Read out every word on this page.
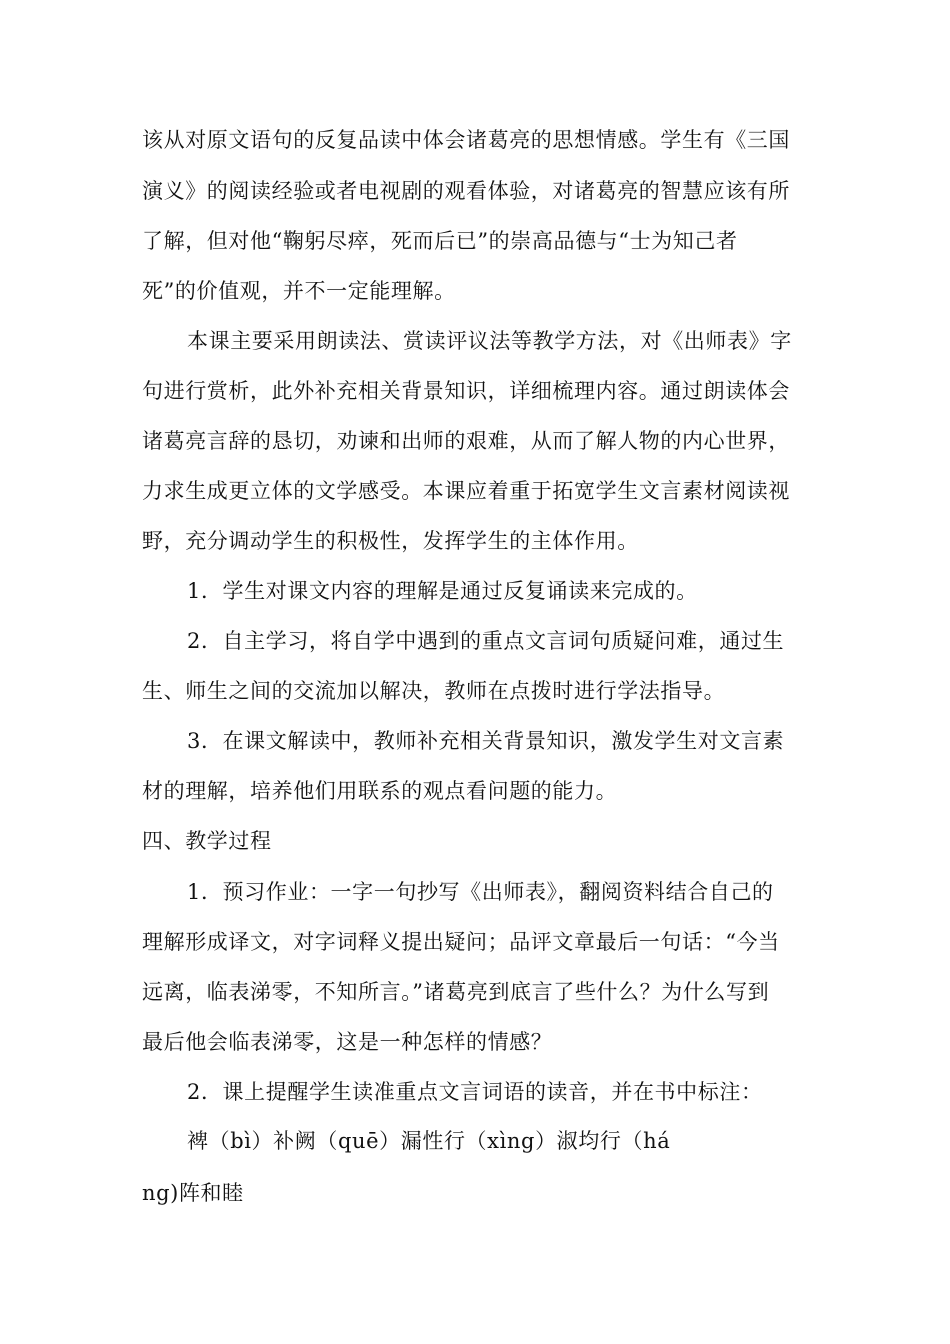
该从对原文语句的反复品读中体会诸葛亮的思想情感。学生有《三国
演义》的阅读经验或者电视剧的观看体验，对诸葛亮的智慧应该有所
了解，但对他“鞠躬尽瘁，死而后已”的崇高品德与“士为知己者
死”的价值观，并不一定能理解。
本课主要采用朗读法、赏读评议法等教学方法，对《出师表》字
句进行赏析，此外补充相关背景知识，详细梳理内容。通过朗读体会
诸葛亮言辞的恳切，劝谏和出师的艰难，从而了解人物的内心世界，
力求生成更立体的文学感受。本课应着重于拓宽学生文言素材阅读视
野，充分调动学生的积极性，发挥学生的主体作用。
1．学生对课文内容的理解是通过反复诵读来完成的。
2．自主学习，将自学中遇到的重点文言词句质疑问难，通过生
生、师生之间的交流加以解决，教师在点拨时进行学法指导。
3．在课文解读中，教师补充相关背景知识，激发学生对文言素
材的理解，培养他们用联系的观点看问题的能力。
四、教学过程
1．预习作业：一字一句抄写《出师表》，翻阅资料结合自己的
理解形成译文，对字词释义提出疑问；品评文章最后一句话：“今当
远离，临表涕零，不知所言。”诸葛亮到底言了些什么？为什么写到
最后他会临表涕零，这是一种怎样的情感？
2．课上提醒学生读准重点文言词语的读音，并在书中标注：
裨（bì）补阙（quē）漏性行（xìng）淑均行（há
ng)阵和睦
